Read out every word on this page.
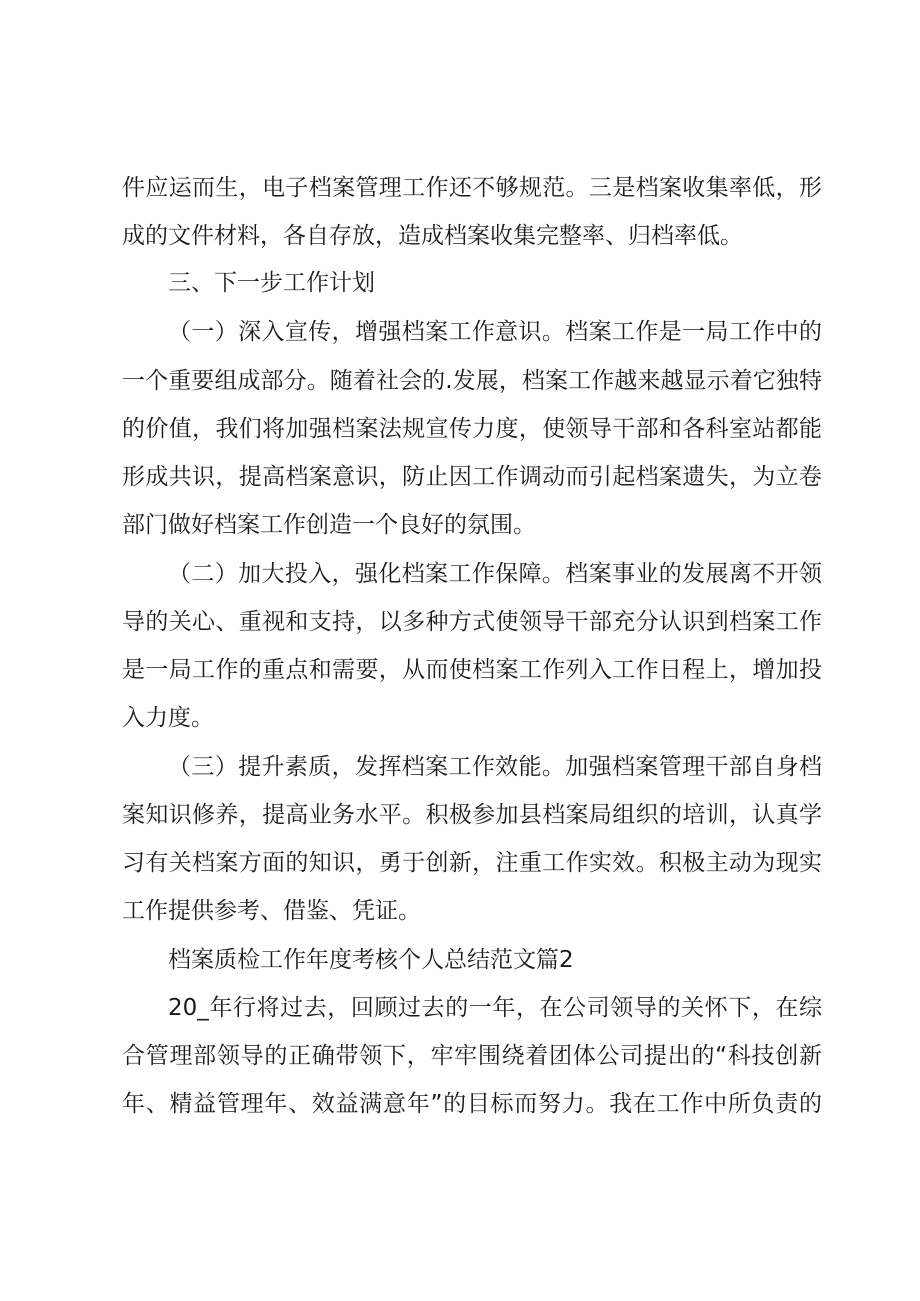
件应运而生，电子档案管理工作还不够规范。三是档案收集率低，形
成的文件材料，各自存放，造成档案收集完整率、归档率低。
三、下一步工作计划
（一）深入宣传，增强档案工作意识。档案工作是一局工作中的
一个重要组成部分。随着社会的.发展，档案工作越来越显示着它独特
的价值，我们将加强档案法规宣传力度，使领导干部和各科室站都能
形成共识，提高档案意识，防止因工作调动而引起档案遗失，为立卷
部门做好档案工作创造一个良好的氛围。
（二）加大投入，强化档案工作保障。档案事业的发展离不开领
导的关心、重视和支持，以多种方式使领导干部充分认识到档案工作
是一局工作的重点和需要，从而使档案工作列入工作日程上，增加投
入力度。
（三）提升素质，发挥档案工作效能。加强档案管理干部自身档
案知识修养，提高业务水平。积极参加县档案局组织的培训，认真学
习有关档案方面的知识，勇于创新，注重工作实效。积极主动为现实
工作提供参考、借鉴、凭证。
档案质检工作年度考核个人总结范文篇2
20_年行将过去，回顾过去的一年，在公司领导的关怀下，在综
合管理部领导的正确带领下，牢牢围绕着团体公司提出的“科技创新
年、精益管理年、效益满意年”的目标而努力。我在工作中所负责的
